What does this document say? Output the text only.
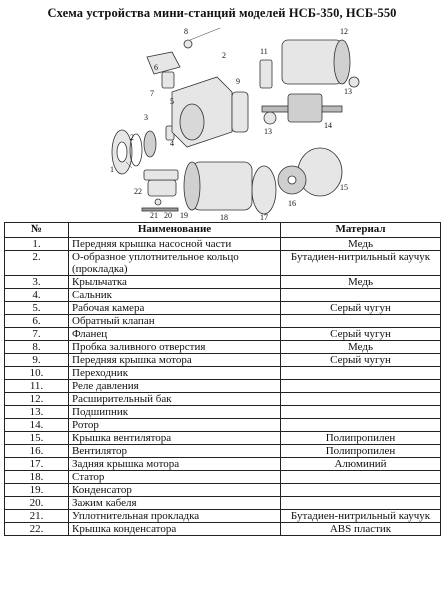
Схема устройства мини-станций моделей НСБ-350, НСБ-550
1
2
3
4
5
6
7
8
2
9
11
12
13
13
14
15
16
17
18
19
20
21
22
№	Наименование	Материал
1.	Передняя крышка насосной части	Медь
2.	О-образное уплотнительное кольцо (прокладка)	Бутадиен-нитрильный каучук
3.	Крыльчатка	Медь
4.	Сальник	
5.	Рабочая камера	Серый чугун
6.	Обратный клапан	
7.	Фланец	Серый чугун
8.	Пробка заливного отверстия	Медь
9.	Передняя крышка мотора	Серый чугун
10.	Переходник	
11.	Реле давления	
12.	Расширительный бак	
13.	Подшипник	
14.	Ротор	
15.	Крышка вентилятора	Полипропилен
16.	Вентилятор	Полипропилен
17.	Задняя крышка мотора	Алюминий
18.	Статор	
19.	Конденсатор	
20.	Зажим кабеля	
21.	Уплотнительная прокладка	Бутадиен-нитрильный каучук
22.	Крышка конденсатора	ABS пластик
